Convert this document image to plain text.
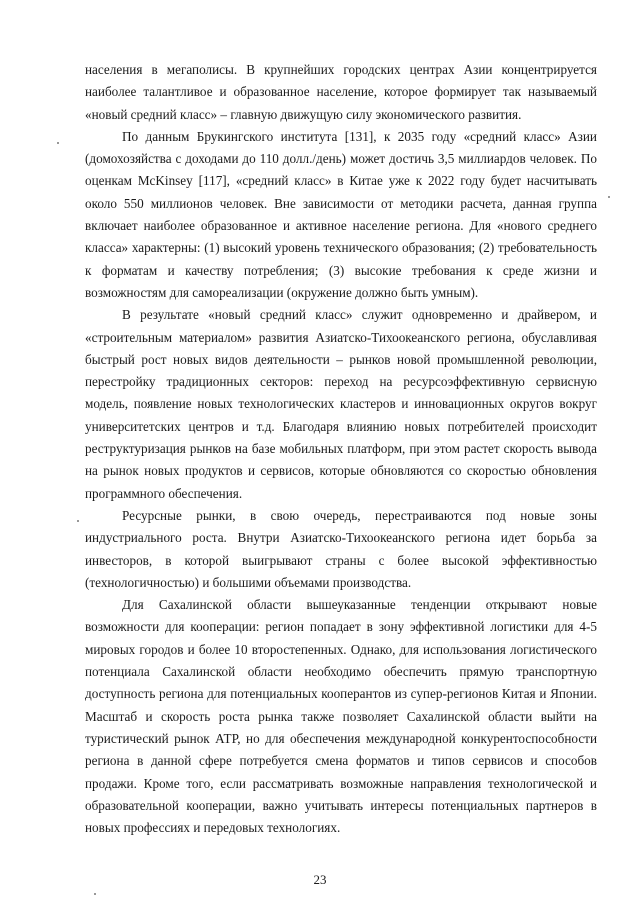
населения в мегаполисы. В крупнейших городских центрах Азии концентрируется наиболее талантливое и образованное население, которое формирует так называемый «новый средний класс» – главную движущую силу экономического развития.

По данным Брукингского института [131], к 2035 году «средний класс» Азии (домохозяйства с доходами до 110 долл./день) может достичь 3,5 миллиардов человек. По оценкам McKinsey [117], «средний класс» в Китае уже к 2022 году будет насчитывать около 550 миллионов человек. Вне зависимости от методики расчета, данная группа включает наиболее образованное и активное население региона. Для «нового среднего класса» характерны: (1) высокий уровень технического образования; (2) требовательность к форматам и качеству потребления; (3) высокие требования к среде жизни и возможностям для самореализации (окружение должно быть умным).

В результате «новый средний класс» служит одновременно и драйвером, и «строительным материалом» развития Азиатско-Тихоокеанского региона, обуславливая быстрый рост новых видов деятельности – рынков новой промышленной революции, перестройку традиционных секторов: переход на ресурсоэффективную сервисную модель, появление новых технологических кластеров и инновационных округов вокруг университетских центров и т.д. Благодаря влиянию новых потребителей происходит реструктуризация рынков на базе мобильных платформ, при этом растет скорость вывода на рынок новых продуктов и сервисов, которые обновляются со скоростью обновления программного обеспечения.

Ресурсные рынки, в свою очередь, перестраиваются под новые зоны индустриального роста. Внутри Азиатско-Тихоокеанского региона идет борьба за инвесторов, в которой выигрывают страны с более высокой эффективностью (технологичностью) и большими объемами производства.

Для Сахалинской области вышеуказанные тенденции открывают новые возможности для кооперации: регион попадает в зону эффективной логистики для 4-5 мировых городов и более 10 второстепенных. Однако, для использования логистического потенциала Сахалинской области необходимо обеспечить прямую транспортную доступность региона для потенциальных кооперантов из супер-регионов Китая и Японии. Масштаб и скорость роста рынка также позволяет Сахалинской области выйти на туристический рынок АТР, но для обеспечения международной конкурентоспособности региона в данной сфере потребуется смена форматов и типов сервисов и способов продажи. Кроме того, если рассматривать возможные направления технологической и образовательной кооперации, важно учитывать интересы потенциальных партнеров в новых профессиях и передовых технологиях.

23
